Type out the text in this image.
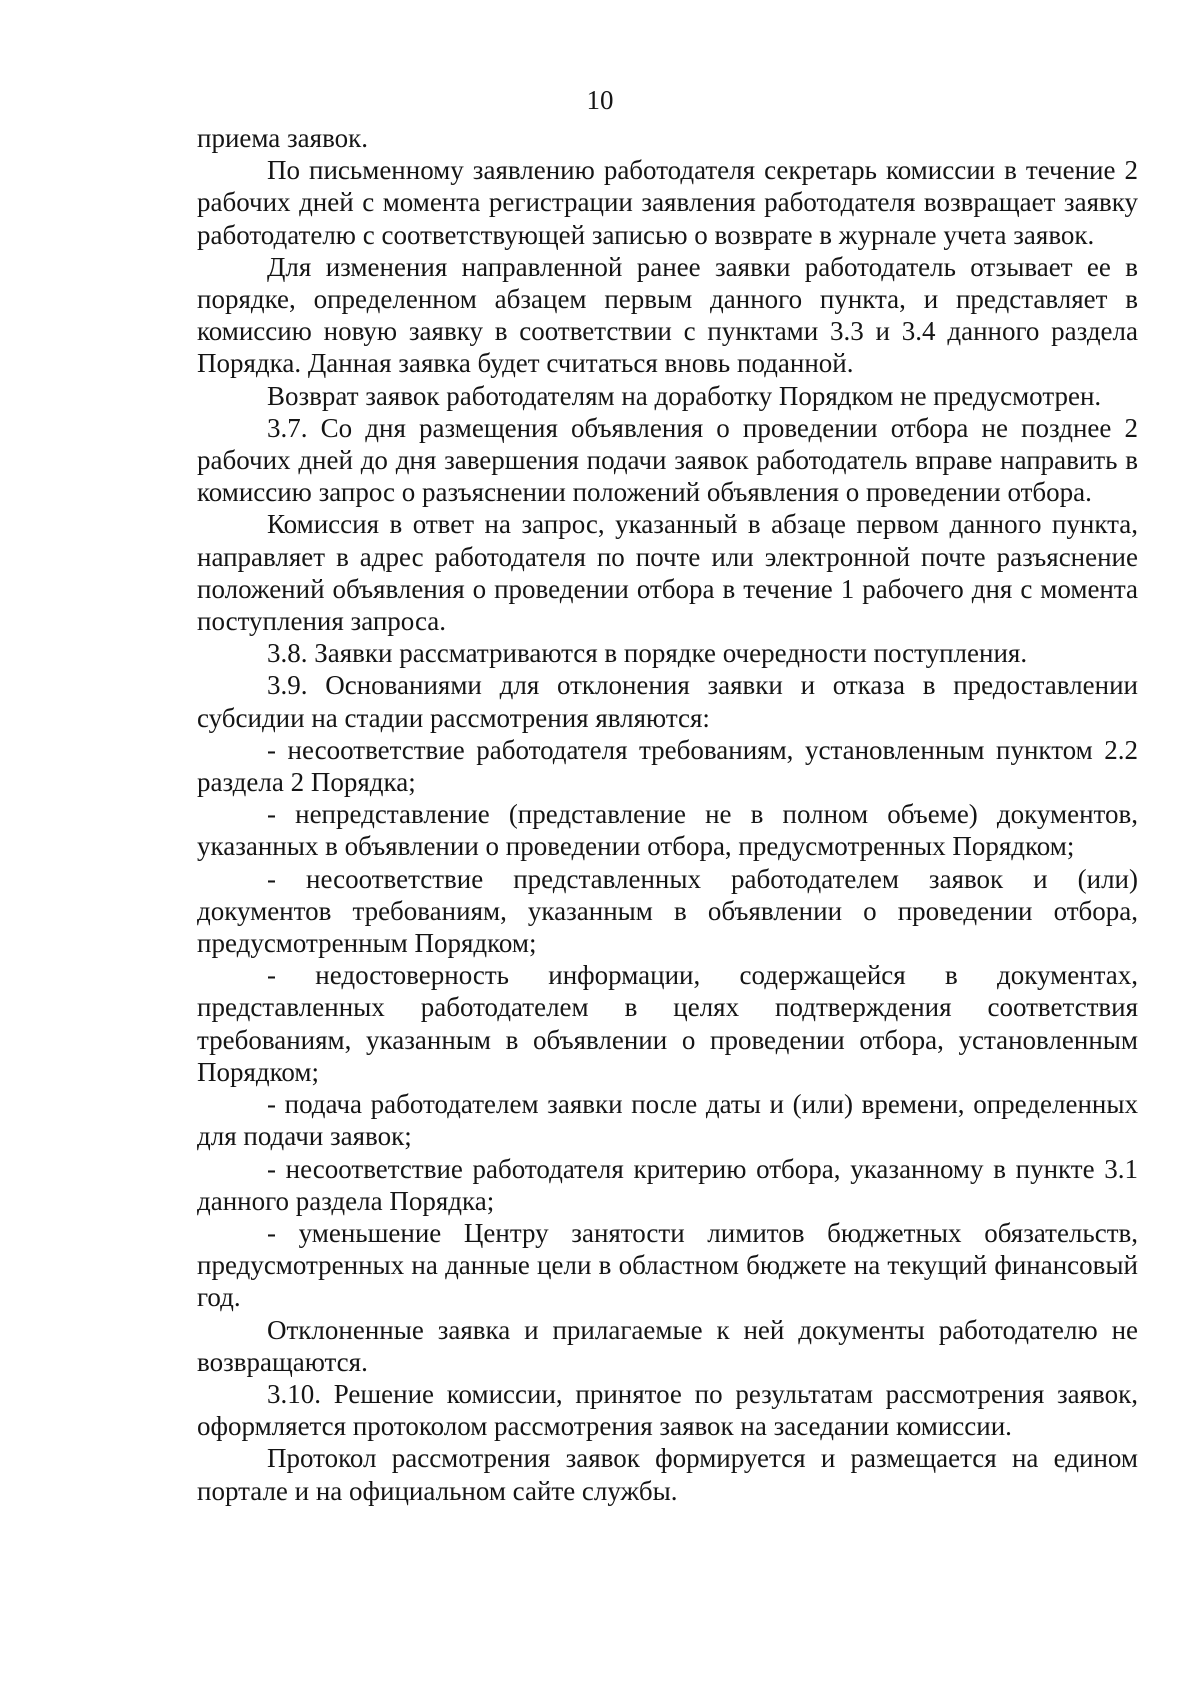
10

приема заявок.

По письменному заявлению работодателя секретарь комиссии в течение 2 рабочих дней с момента регистрации заявления работодателя возвращает заявку работодателю с соответствующей записью о возврате в журнале учета заявок.

Для изменения направленной ранее заявки работодатель отзывает ее в порядке, определенном абзацем первым данного пункта, и представляет в комиссию новую заявку в соответствии с пунктами 3.3 и 3.4 данного раздела Порядка. Данная заявка будет считаться вновь поданной.

Возврат заявок работодателям на доработку Порядком не предусмотрен.

3.7. Со дня размещения объявления о проведении отбора не позднее 2 рабочих дней до дня завершения подачи заявок работодатель вправе направить в комиссию запрос о разъяснении положений объявления о проведении отбора.

Комиссия в ответ на запрос, указанный в абзаце первом данного пункта, направляет в адрес работодателя по почте или электронной почте разъяснение положений объявления о проведении отбора в течение 1 рабочего дня с момента поступления запроса.

3.8. Заявки рассматриваются в порядке очередности поступления.

3.9. Основаниями для отклонения заявки и отказа в предоставлении субсидии на стадии рассмотрения являются:

- несоответствие работодателя требованиям, установленным пунктом 2.2 раздела 2 Порядка;

- непредставление (представление не в полном объеме) документов, указанных в объявлении о проведении отбора, предусмотренных Порядком;

- несоответствие представленных работодателем заявок и (или) документов требованиям, указанным в объявлении о проведении отбора, предусмотренным Порядком;

- недостоверность информации, содержащейся в документах, представленных работодателем в целях подтверждения соответствия требованиям, указанным в объявлении о проведении отбора, установленным Порядком;

- подача работодателем заявки после даты и (или) времени, определенных для подачи заявок;

- несоответствие работодателя критерию отбора, указанному в пункте 3.1 данного раздела Порядка;

- уменьшение Центру занятости лимитов бюджетных обязательств, предусмотренных на данные цели в областном бюджете на текущий финансовый год.

Отклоненные заявка и прилагаемые к ней документы работодателю не возвращаются.

3.10. Решение комиссии, принятое по результатам рассмотрения заявок, оформляется протоколом рассмотрения заявок на заседании комиссии.

Протокол рассмотрения заявок формируется и размещается на едином портале и на официальном сайте службы.
